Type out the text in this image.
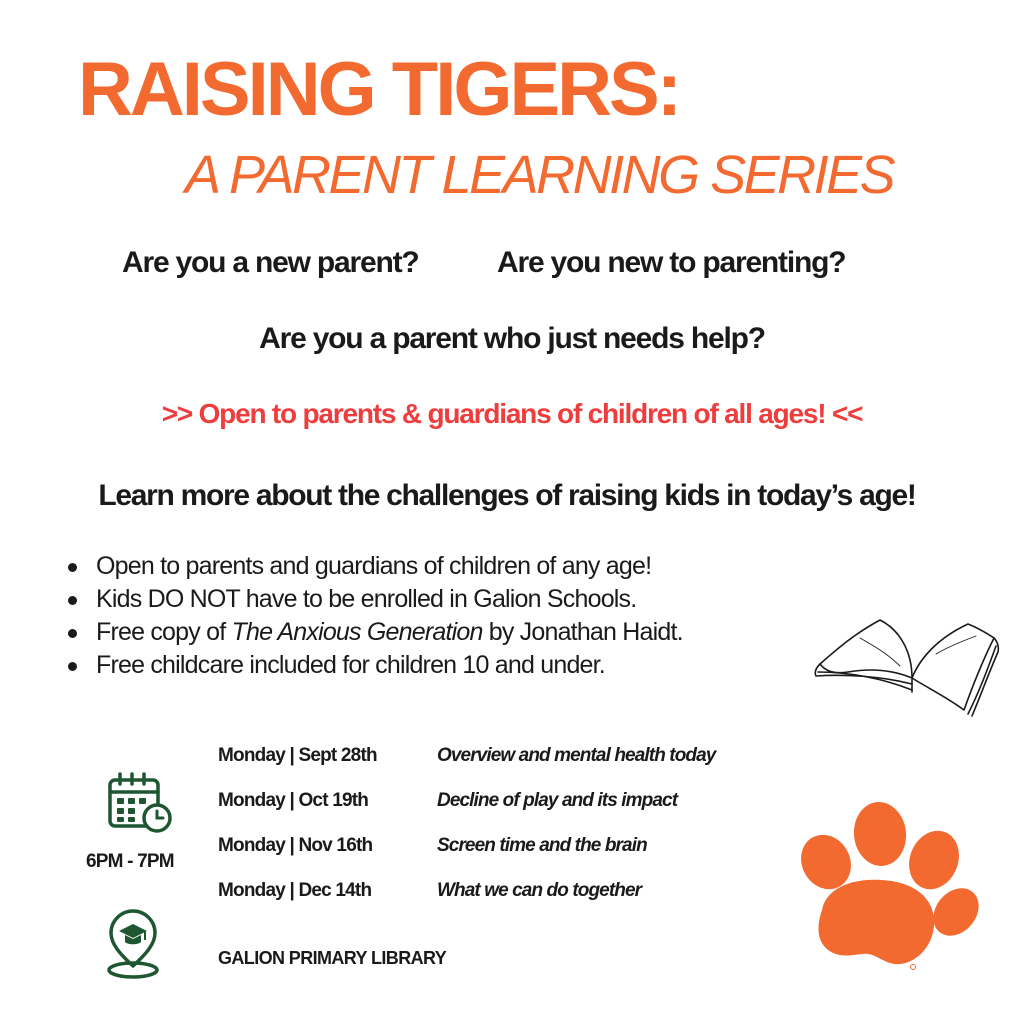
RAISING TIGERS:
A PARENT LEARNING SERIES
Are you a new parent?	Are you new to parenting?
Are you a parent who just needs help?
>> Open to parents & guardians of children of all ages! <<
Learn more about the challenges of raising kids in today’s age!
Open to parents and guardians of children of any age!
Kids DO NOT have to be enrolled in Galion Schools.
Free copy of The Anxious Generation by Jonathan Haidt.
Free childcare included for children 10 and under.
6PM - 7PM
Monday | Sept 28th	Overview and mental health today
Monday | Oct 19th	Decline of play and its impact
Monday | Nov 16th	Screen time and the brain
Monday | Dec 14th	What we can do together
GALION PRIMARY LIBRARY
